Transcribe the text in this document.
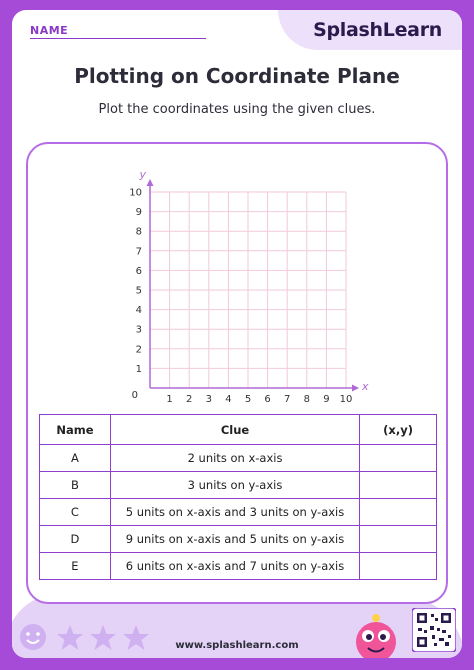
SplashLearn
NAME
Plotting on Coordinate Plane
Plot the coordinates using the given clues.
1 2 3 4 5 6 7 8 9 10
1
2
3
4
5
6
7
8
9
10
0
x
y
Name	Clue	(x,y)
A	2 units on x-axis	
B	3 units on y-axis	
C	5 units on x-axis and 3 units on y-axis	
D	9 units on x-axis and 5 units on y-axis	
E	6 units on x-axis and 7 units on y-axis	
www.splashlearn.com
